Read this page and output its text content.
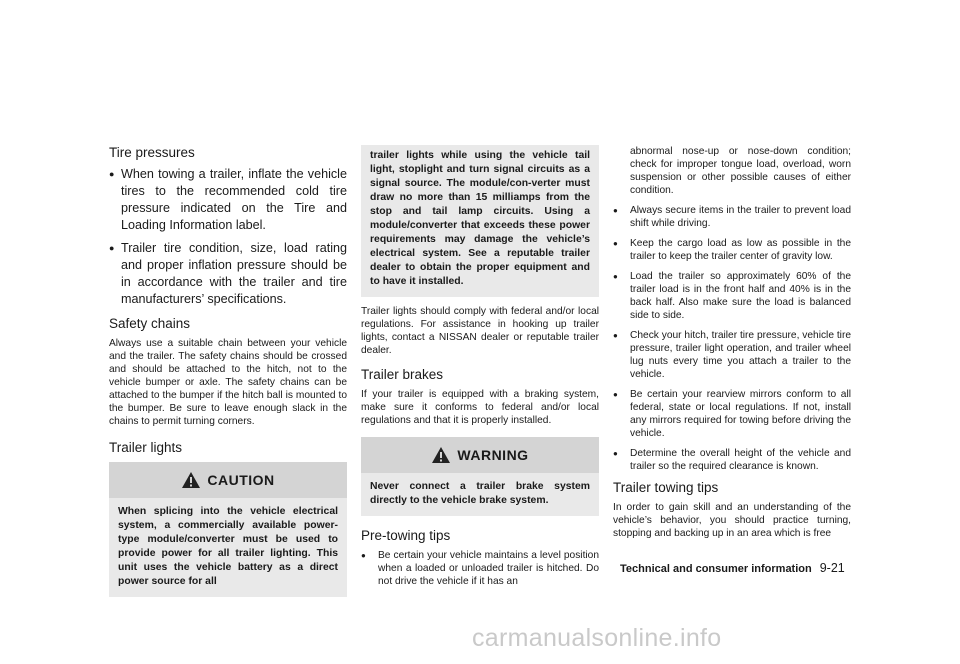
Tire pressures
● When towing a trailer, inflate the vehicle tires to the recommended cold tire pressure indicated on the Tire and Loading Information label.
● Trailer tire condition, size, load rating and proper inflation pressure should be in accordance with the trailer and tire manufacturers’ specifications.
Safety chains

Always use a suitable chain between your vehicle and the trailer. The safety chains should be crossed and should be attached to the hitch, not to the vehicle bumper or axle. The safety chains can be attached to the bumper if the hitch ball is mounted to the bumper. Be sure to leave enough slack in the chains to permit turning corners.

Trailer lights
CAUTION
When splicing into the vehicle electrical system, a commercially available power-type module/converter must be used to provide power for all trailer lighting. This unit uses the vehicle battery as a direct power source for all
trailer lights while using the vehicle tail light, stoplight and turn signal circuits as a signal source. The module/con-verter must draw no more than 15 milliamps from the stop and tail lamp circuits. Using a module/converter that exceeds these power requirements may damage the vehicle’s electrical system. See a reputable trailer dealer to obtain the proper equipment and to have it installed.

Trailer lights should comply with federal and/or local regulations. For assistance in hooking up trailer lights, contact a NISSAN dealer or reputable trailer dealer.

Trailer brakes

If your trailer is equipped with a braking system, make sure it conforms to federal and/or local regulations and that it is properly installed.

WARNING
Never connect a trailer brake system directly to the vehicle brake system.
Pre-towing tips
●	Be certain your vehicle maintains a level position when a loaded or unloaded trailer is hitched. Do not drive the vehicle if it has an
abnormal nose-up or nose-down condition; check for improper tongue load, overload, worn suspension or other possible causes of either condition.
●	Always secure items in the trailer to prevent load shift while driving.
●	Keep the cargo load as low as possible in the trailer to keep the trailer center of gravity low.
●	Load the trailer so approximately 60% of the trailer load is in the front half and 40% is in the back half. Also make sure the load is balanced side to side.
●	Check your hitch, trailer tire pressure, vehicle tire pressure, trailer light operation, and trailer wheel lug nuts every time you attach a trailer to the vehicle.
●	Be certain your rearview mirrors conform to all federal, state or local regulations. If not, install any mirrors required for towing before driving the vehicle.
●	Determine the overall height of the vehicle and trailer so the required clearance is known.
Trailer towing tips

In order to gain skill and an understanding of the vehicle’s behavior, you should practice turning, stopping and backing up in an area which is free

Technical and consumer information 9-21
carmanualsonline.info
